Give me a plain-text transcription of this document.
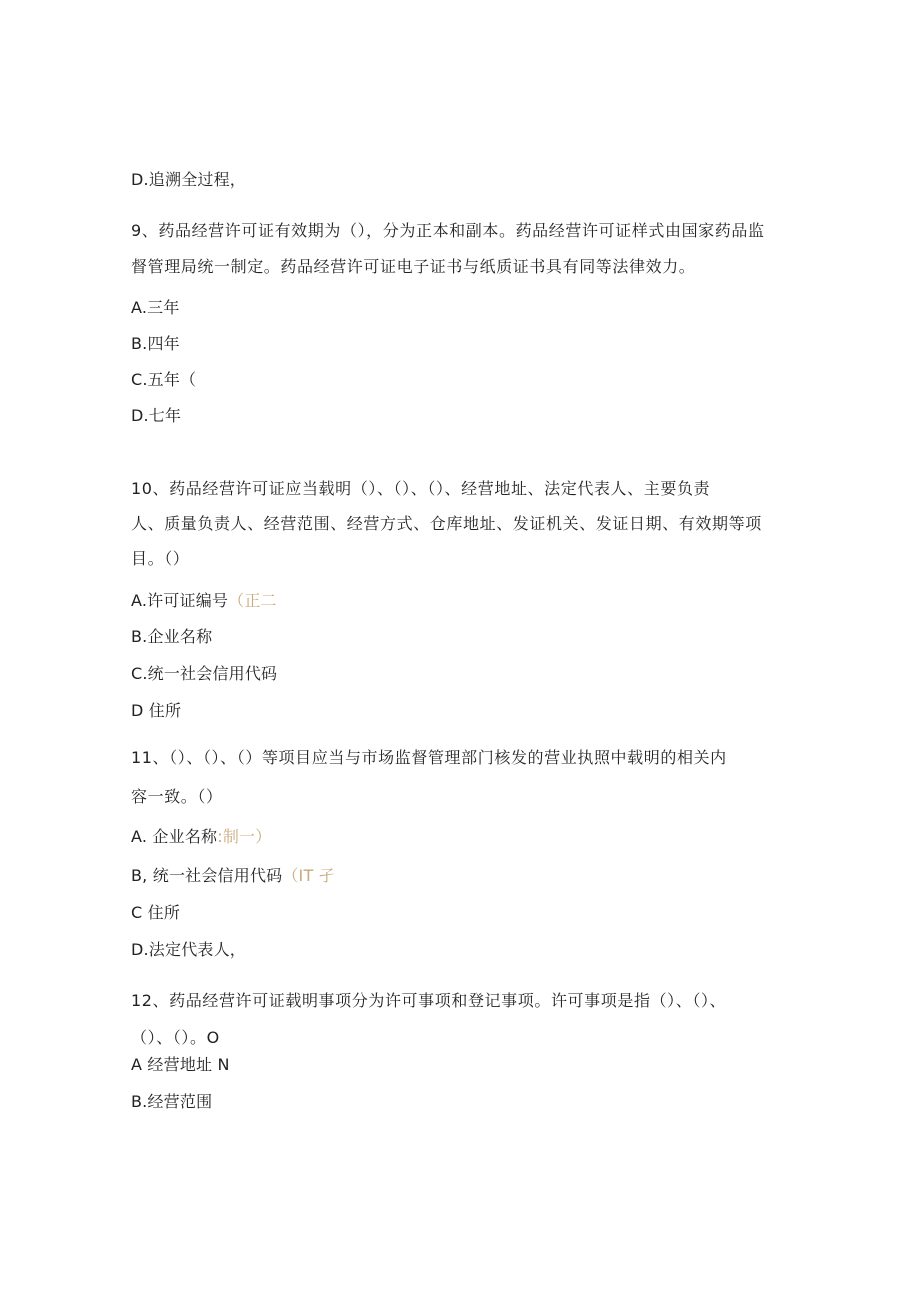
D.追溯全过程，
9、药品经营许可证有效期为（），分为正本和副本。药品经营许可证样式由国家药品监
督管理局统一制定。药品经营许可证电子证书与纸质证书具有同等法律效力。
A.三年
B.四年
C.五年（
D.七年
10、药品经营许可证应当载明（）、（）、（）、经营地址、法定代表人、主要负责
人、质量负责人、经营范围、经营方式、仓库地址、发证机关、发证日期、有效期等项
目。（）
A.许可证编号（正二
B.企业名称
C.统一社会信用代码
D 住所
11、（）、（）、（）等项目应当与市场监督管理部门核发的营业执照中载明的相关内
容一致。（）
A. 企业名称:制一）
B, 统一社会信用代码（IT 孑
C 住所
D.法定代表人，
12、药品经营许可证载明事项分为许可事项和登记事项。许可事项是指（）、（）、
（）、（）。O
A 经营地址 N
B.经营范围
